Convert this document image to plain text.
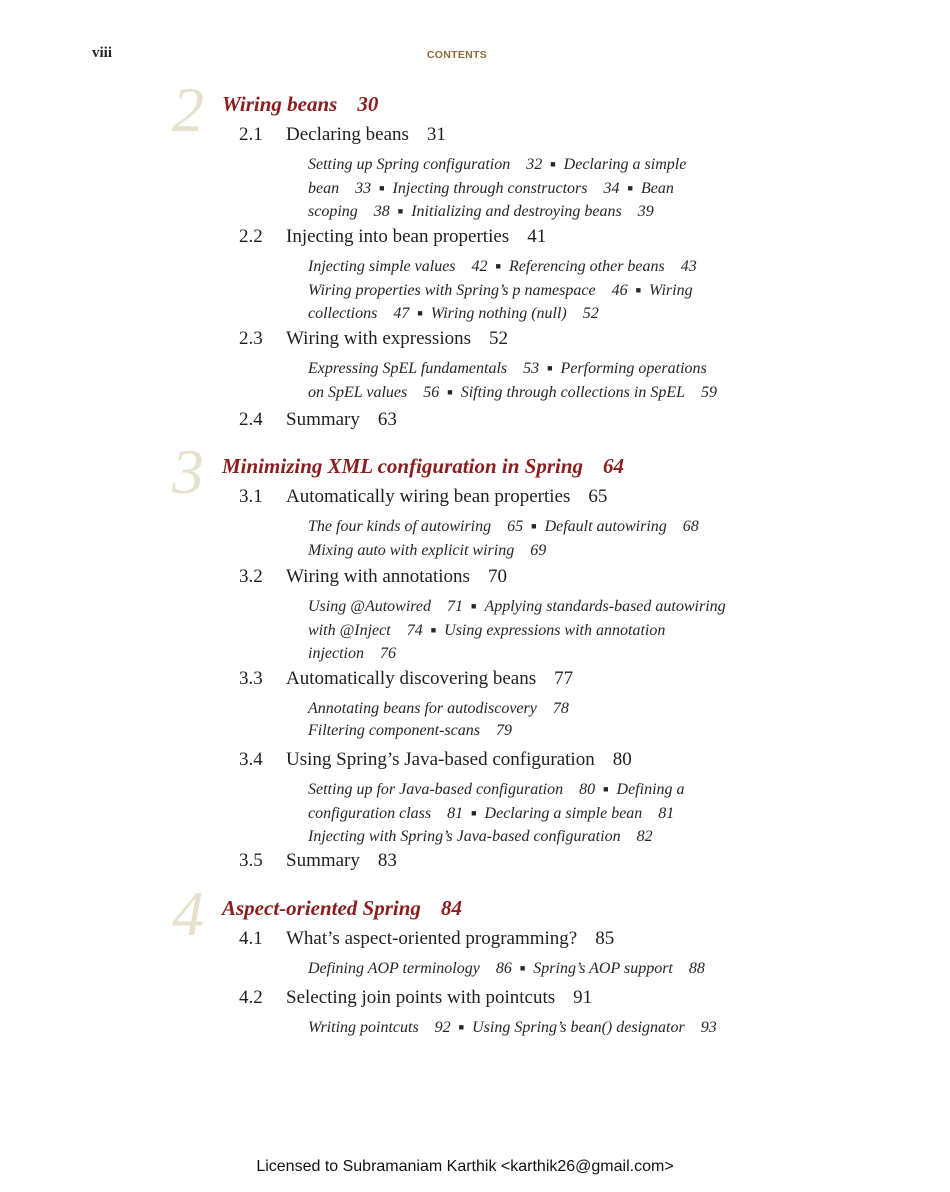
viii	CONTENTS
2 Wiring beans 30
2.1 Declaring beans 31
Setting up Spring configuration 32 ■ Declaring a simple
bean 33 ■ Injecting through constructors 34 ■ Bean
scoping 38 ■ Initializing and destroying beans 39
2.2 Injecting into bean properties 41
Injecting simple values 42 ■ Referencing other beans 43
Wiring properties with Spring’s p namespace 46 ■ Wiring
collections 47 ■ Wiring nothing (null) 52
2.3 Wiring with expressions 52
Expressing SpEL fundamentals 53 ■ Performing operations
on SpEL values 56 ■ Sifting through collections in SpEL 59
2.4 Summary 63
3 Minimizing XML configuration in Spring 64
3.1 Automatically wiring bean properties 65
The four kinds of autowiring 65 ■ Default autowiring 68
Mixing auto with explicit wiring 69
3.2 Wiring with annotations 70
Using @Autowired 71 ■ Applying standards-based autowiring
with @Inject 74 ■ Using expressions with annotation
injection 76
3.3 Automatically discovering beans 77
Annotating beans for autodiscovery 78
Filtering component-scans 79
3.4 Using Spring’s Java-based configuration 80
Setting up for Java-based configuration 80 ■ Defining a
configuration class 81 ■ Declaring a simple bean 81
Injecting with Spring’s Java-based configuration 82
3.5 Summary 83
4 Aspect-oriented Spring 84
4.1 What’s aspect-oriented programming? 85
Defining AOP terminology 86 ■ Spring’s AOP support 88
4.2 Selecting join points with pointcuts 91
Writing pointcuts 92 ■ Using Spring’s bean() designator 93
Licensed to Subramaniam Karthik <karthik26@gmail.com>
